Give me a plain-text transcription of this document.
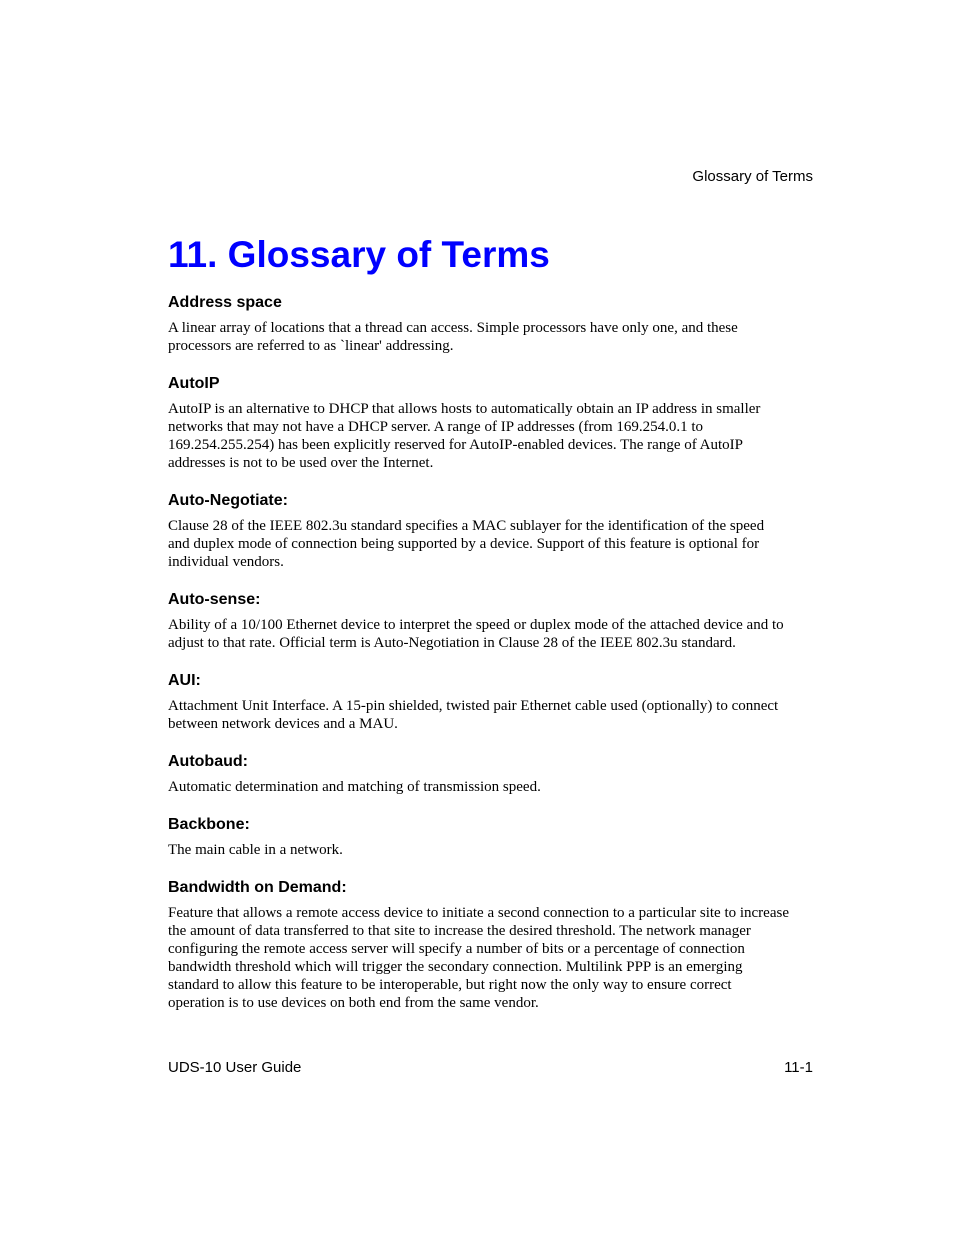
Glossary of Terms
11. Glossary of Terms
Address space
A linear array of locations that a thread can access. Simple processors have only one, and these
processors are referred to as `linear' addressing.
AutoIP
AutoIP is an alternative to DHCP that allows hosts to automatically obtain an IP address in smaller
networks that may not have a DHCP server. A range of IP addresses (from 169.254.0.1 to
169.254.255.254) has been explicitly reserved for AutoIP-enabled devices. The range of AutoIP
addresses is not to be used over the Internet.
Auto-Negotiate:
Clause 28 of the IEEE 802.3u standard specifies a MAC sublayer for the identification of the speed
and duplex mode of connection being supported by a device. Support of this feature is optional for
individual vendors.
Auto-sense:
Ability of a 10/100 Ethernet device to interpret the speed or duplex mode of the attached device and to
adjust to that rate. Official term is Auto-Negotiation in Clause 28 of the IEEE 802.3u standard.
AUI:
Attachment Unit Interface. A 15-pin shielded, twisted pair Ethernet cable used (optionally) to connect
between network devices and a MAU.
Autobaud:
Automatic determination and matching of transmission speed.
Backbone:
The main cable in a network.
Bandwidth on Demand:
Feature that allows a remote access device to initiate a second connection to a particular site to increase
the amount of data transferred to that site to increase the desired threshold. The network manager
configuring the remote access server will specify a number of bits or a percentage of connection
bandwidth threshold which will trigger the secondary connection. Multilink PPP is an emerging
standard to allow this feature to be interoperable, but right now the only way to ensure correct
operation is to use devices on both end from the same vendor.
UDS-10 User Guide	11-1
